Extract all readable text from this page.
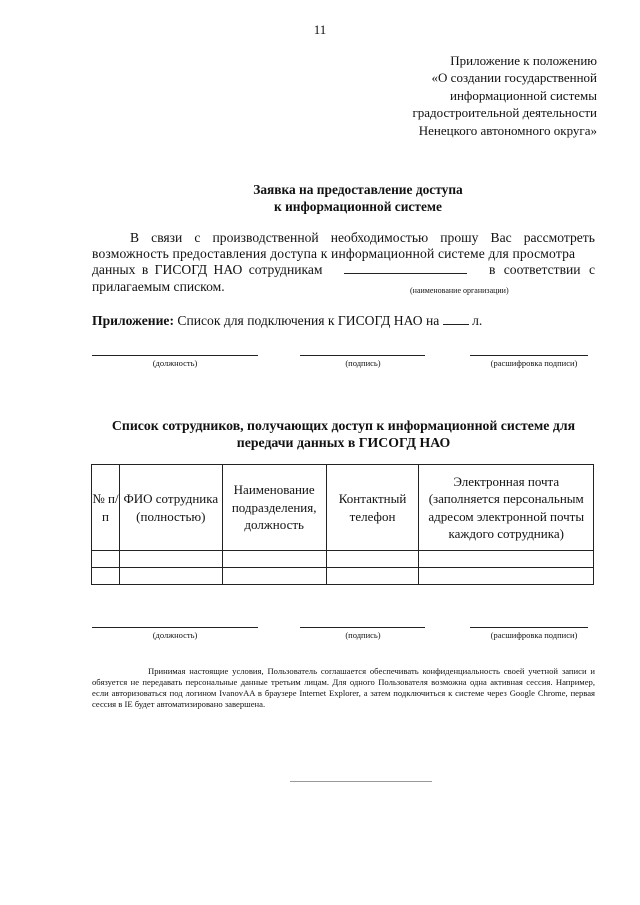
11
Приложение к положению
«О создании государственной
информационной системы
градостроительной деятельности
Ненецкого автономного округа»
Заявка на предоставление доступа
к информационной системе
В связи с производственной необходимостью прошу Вас рассмотреть
возможность предоставления доступа к информационной системе для просмотра
данных в ГИСОГД НАО сотрудникам	в соответствии с
прилагаемым списком.	(наименование организации)
Приложение: Список для подключения к ГИСОГД НАО на л.
(должность)	(подпись)	(расшифровка подписи)
Список сотрудников, получающих доступ к информационной системе для передачи данных в ГИСОГД НАО
№ п/п	ФИО сотрудника (полностью)	Наименование подразделения, должность	Контактный телефон	Электронная почта (заполняется персональным адресом электронной почты каждого сотрудника)

(должность)	(подпись)	(расшифровка подписи)
Принимая настоящие условия, Пользователь соглашается обеспечивать конфиденциальность своей учетной записи и обязуется не передавать персональные данные третьим лицам. Для одного Пользователя возможна одна активная сессия. Например, если авторизоваться под логином IvanovAA в браузере Internet Explorer, а затем подключиться к системе через Google Chrome, первая сессия в IE будет автоматизировано завершена.
